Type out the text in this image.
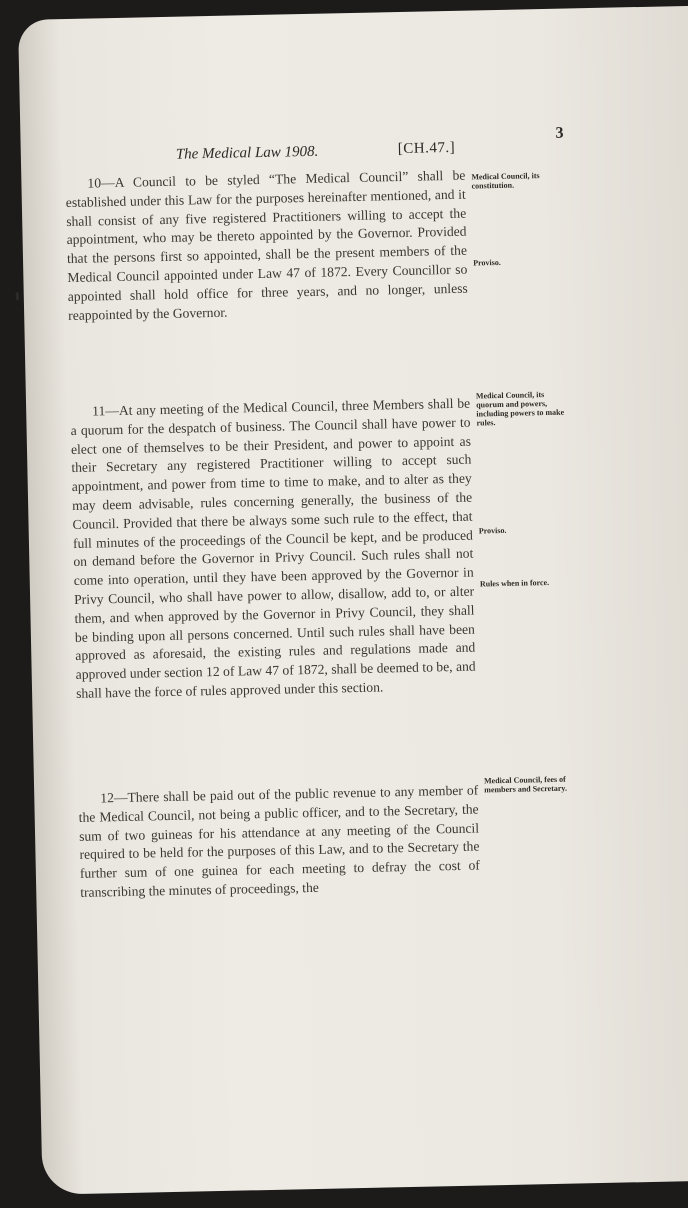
The Medical Law 1908.	[CH.47.]
3
10—A Council to be styled “The Medical Council” shall be established under this Law for the purposes hereinafter mentioned, and it shall consist of any five registered Practitioners willing to accept the appointment, who may be thereto appointed by the Governor. Provided that the persons first so appointed, shall be the present members of the Medical Council appointed under Law 47 of 1872. Every Councillor so appointed shall hold office for three years, and no longer, unless reappointed by the Governor.
Medical Council, its constitution.
Proviso.
11—At any meeting of the Medical Council, three Members shall be a quorum for the despatch of business. The Council shall have power to elect one of themselves to be their President, and power to appoint as their Secretary any registered Practitioner willing to accept such appointment, and power from time to time to make, and to alter as they may deem advisable, rules concerning generally, the business of the Council. Provided that there be always some such rule to the effect, that full minutes of the proceedings of the Council be kept, and be produced on demand before the Governor in Privy Council. Such rules shall not come into operation, until they have been approved by the Governor in Privy Council, who shall have power to allow, disallow, add to, or alter them, and when approved by the Governor in Privy Council, they shall be binding upon all persons concerned. Until such rules shall have been approved as aforesaid, the existing rules and regulations made and approved under section 12 of Law 47 of 1872, shall be deemed to be, and shall have the force of rules approved under this section.
Medical Council, its quorum and powers, including powers to make rules.
Proviso.
Rules when in force.
12—There shall be paid out of the public revenue to any member of the Medical Council, not being a public officer, and to the Secretary, the sum of two guineas for his attendance at any meeting of the Council required to be held for the purposes of this Law, and to the Secretary the further sum of one guinea for each meeting to defray the cost of transcribing the minutes of proceedings, the
Medical Council, fees of members and Secretary.
